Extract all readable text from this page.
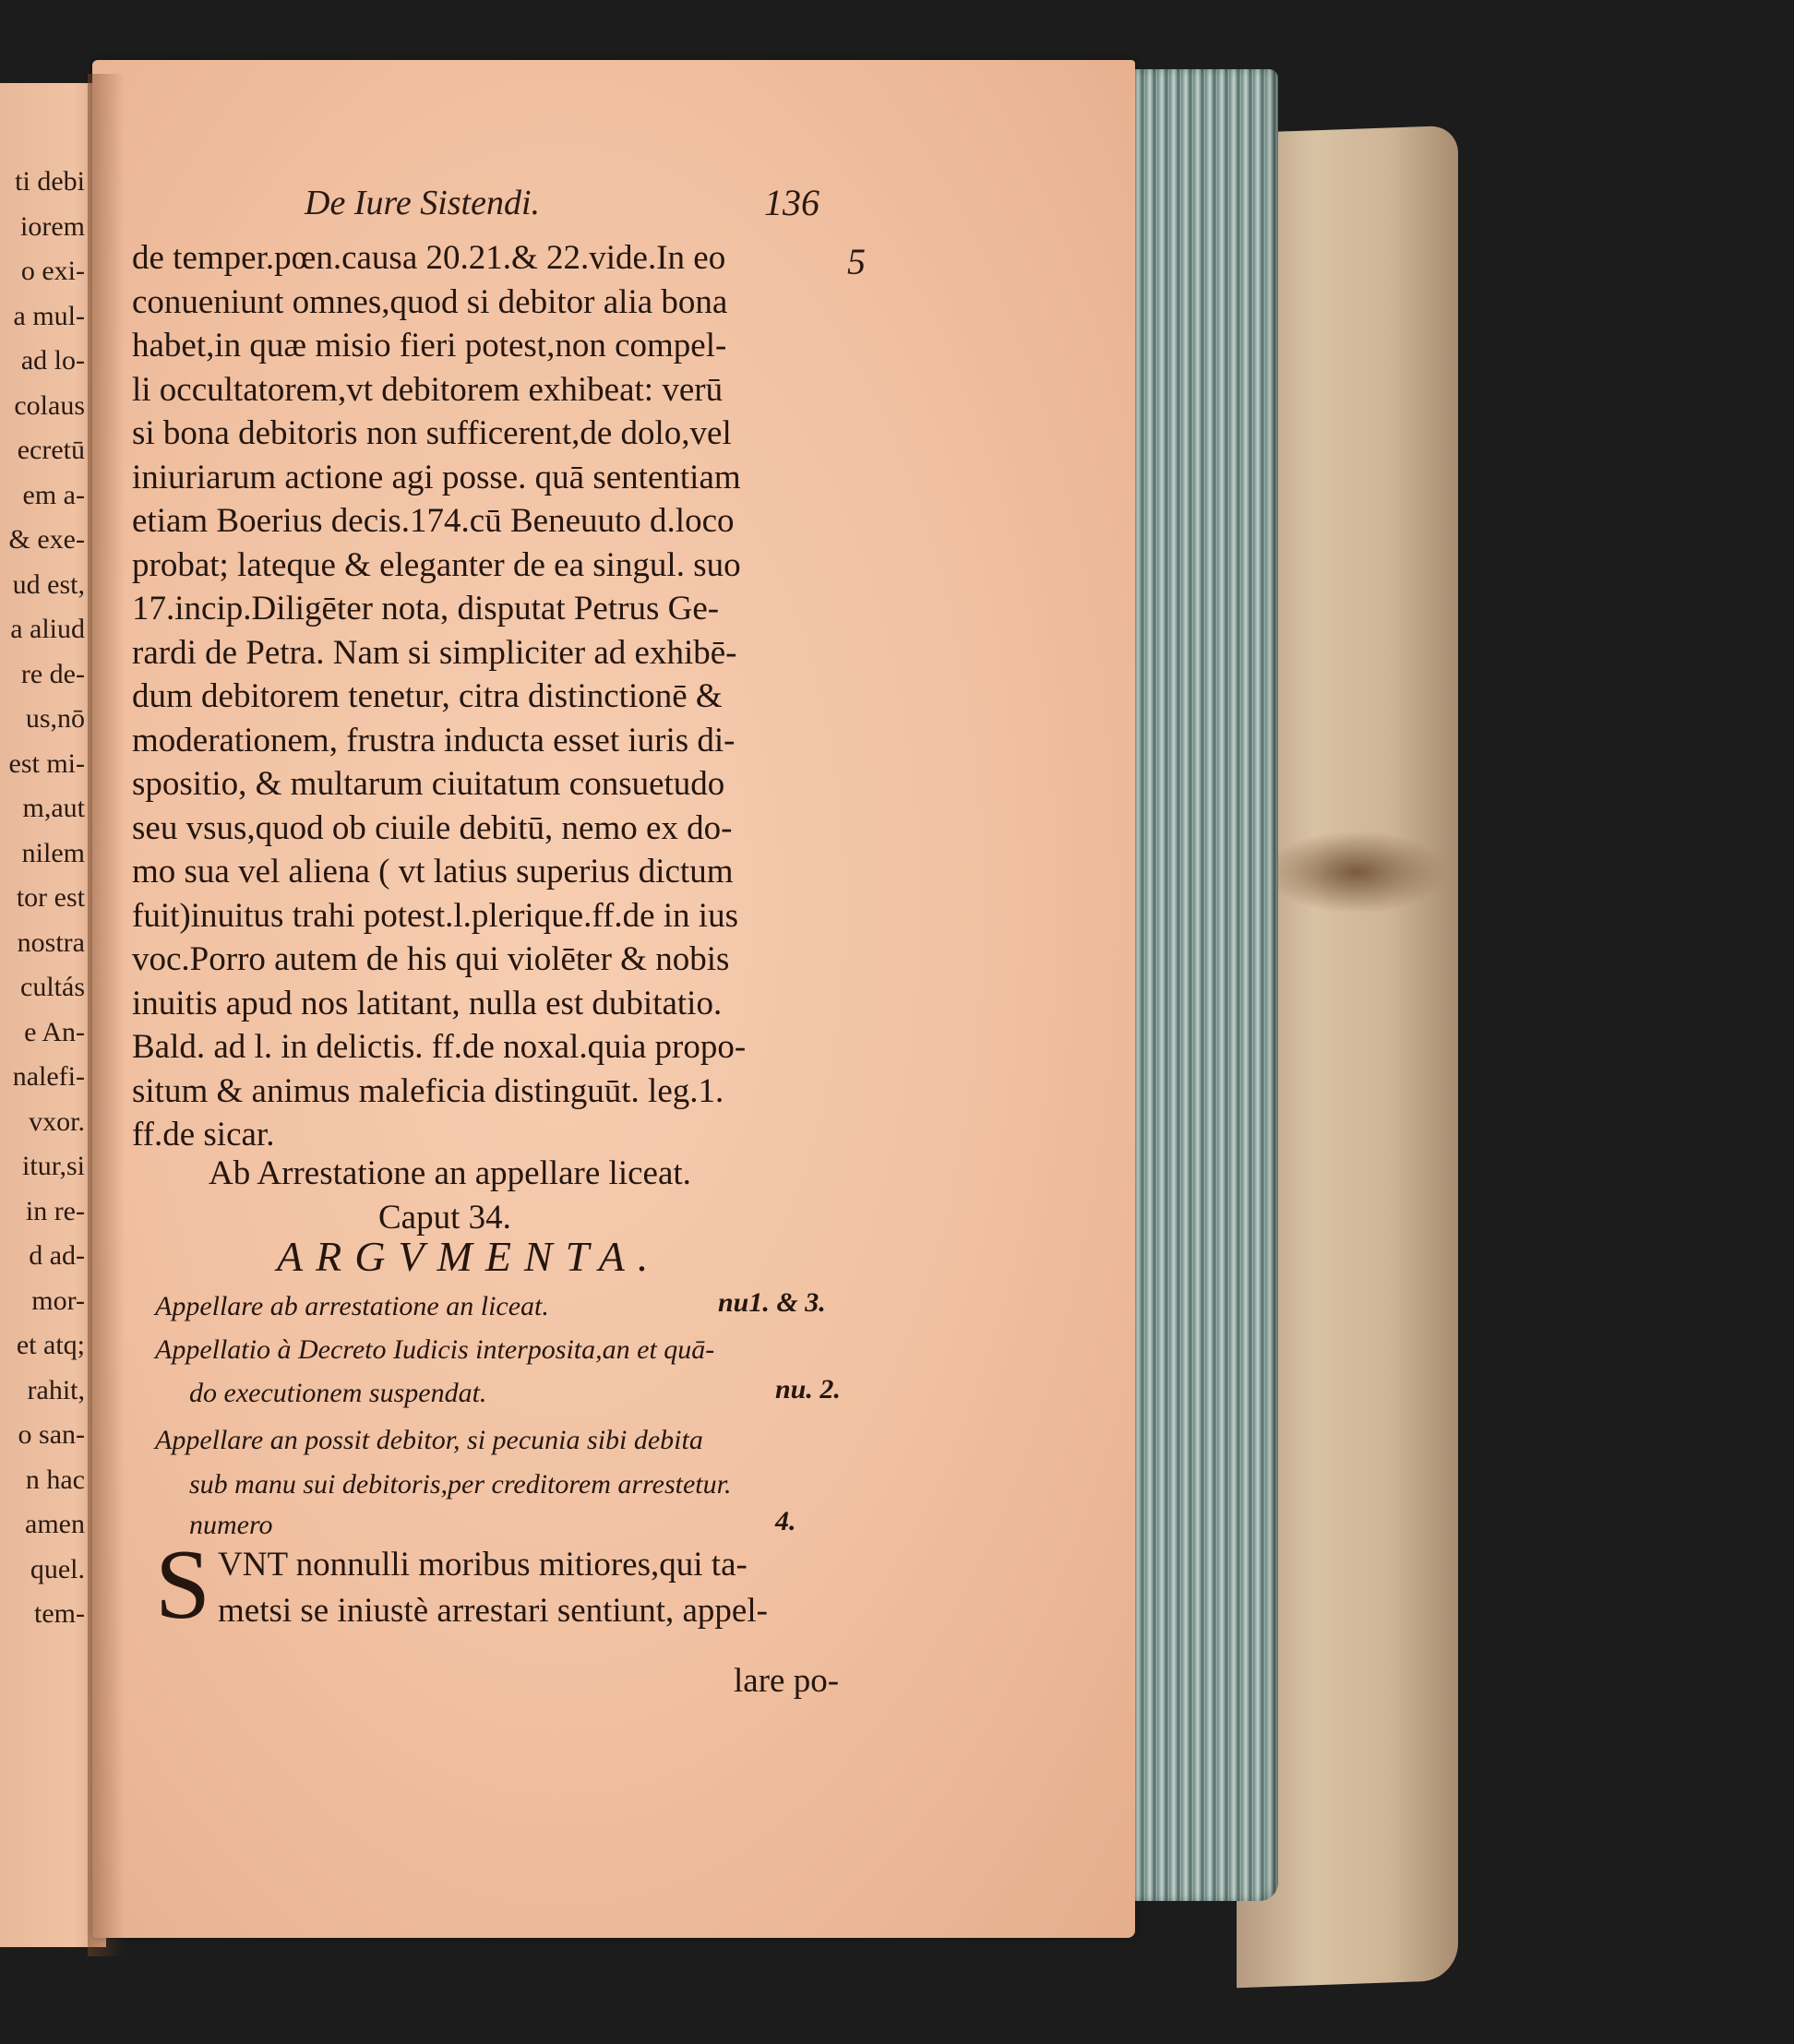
ti debi
iorem
o exi-
a mul-
ad lo-
colaus
ecretū
em a-
& exe-
ud est,
a aliud
re de-
us,nō
est mi-
m,aut
nilem
tor est
nostra
cultás
e An-
nalefi-
vxor.
itur,si
in re-
d ad-
mor-
et atq;
rahit,
o san-
n hac
amen
quel.
tem-
De Iure Sistendi.	136
5
de temper.pœn.causa 20.21.& 22.vide.In eo
conueniunt omnes,quod si debitor alia bona
habet,in quæ misio fieri potest,non compel-
li occultatorem,vt debitorem exhibeat: verū
si bona debitoris non sufficerent,de dolo,vel
iniuriarum actione agi posse. quā sententiam
etiam Boerius decis.174.cū Beneuuto d.loco
probat; lateque & eleganter de ea singul. suo
17.incip.Diligēter nota, disputat Petrus Ge-
rardi de Petra. Nam si simpliciter ad exhibē-
dum debitorem tenetur, citra distinctionē &
moderationem, frustra inducta esset iuris di-
spositio, & multarum ciuitatum consuetudo
seu vsus,quod ob ciuile debitū, nemo ex do-
mo sua vel aliena ( vt latius superius dictum
fuit)inuitus trahi potest.l.plerique.ff.de in ius
voc.Porro autem de his qui violēter & nobis
inuitis apud nos latitant, nulla est dubitatio.
Bald. ad l. in delictis. ff.de noxal.quia propo-
situm & animus maleficia distinguūt. leg.1.
ff.de sicar.
Ab Arrestatione an appellare liceat.
Caput 34.
ARGVMENTA.
Appellare ab arrestatione an liceat.	nu1. & 3.
Appellatio à Decreto Iudicis interposita,an et quā-
do executionem suspendat.	nu. 2.
Appellare an possit debitor, si pecunia sibi debita
sub manu sui debitoris,per creditorem arrestetur.
numero	4.
S VNT nonnulli moribus mitiores,qui ta-
metsi se iniustè arrestari sentiunt, appel-
lare po-
